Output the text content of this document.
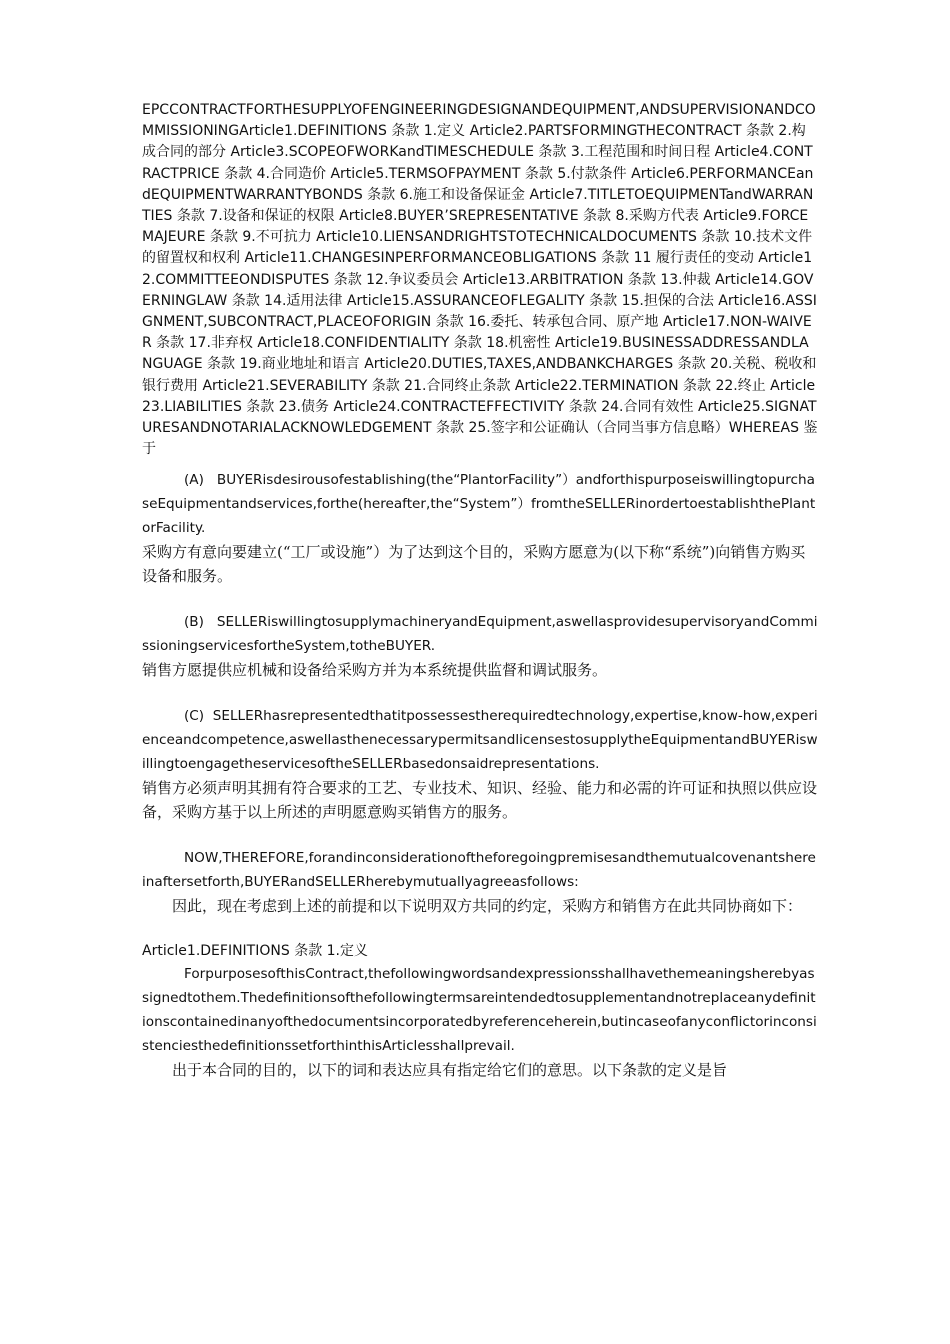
EPCCONTRACTFORTHESUPPLYOFENGINEERINGDESIGNANDEQUIPMENT,ANDSUPERVISIONANDCOMMISSIONINGArticle1.DEFINITIONS 条款 1.定义 Article2.PARTSFORMINGTHECONTRACT 条款 2.构成合同的部分 Article3.SCOPEOFWORKandTIMESCHEDULE 条款 3.工程范围和时间日程 Article4.CONTRACTPRICE 条款 4.合同造价 Article5.TERMSOFPAYMENT 条款 5.付款条件 Article6.PERFORMANCEandEQUIPMENTWARRANTYBONDS 条款 6.施工和设备保证金 Article7.TITLETOEQUIPMENTandWARRANTIES 条款 7.设备和保证的权限 Article8.BUYER’SREPRESENTATIVE 条款 8.采购方代表 Article9.FORCEMAJEURE 条款 9.不可抗力 Article10.LIENSANDRIGHTSTOTECHNICALDOCUMENTS 条款 10.技术文件的留置权和权利 Article11.CHANGESINPERFORMANCEOBLIGATIONS 条款 11 履行责任的变动 Article12.COMMITTEEONDISPUTES 条款 12.争议委员会 Article13.ARBITRATION 条款 13.仲裁 Article14.GOVERNINGLAW 条款 14.适用法律 Article15.ASSURANCEOFLEGALITY 条款 15.担保的合法 Article16.ASSIGNMENT,SUBCONTRACT,PLACEOFORIGIN 条款 16.委托、转承包合同、原产地 Article17.NON-WAIVER 条款 17.非弃权 Article18.CONFIDENTIALITY 条款 18.机密性 Article19.BUSINESSADDRESSANDLANGUAGE 条款 19.商业地址和语言 Article20.DUTIES,TAXES,ANDBANKCHARGES 条款 20.关税、税收和银行费用 Article21.SEVERABILITY 条款 21.合同终止条款 Article22.TERMINATION 条款 22.终止 Article23.LIABILITIES 条款 23.债务 Article24.CONTRACTEFFECTIVITY 条款 24.合同有效性 Article25.SIGNATURESANDNOTARIALACKNOWLEDGEMENT 条款 25.签字和公证确认（合同当事方信息略）WHEREAS 鉴于

(A)   BUYERisdesirousofestablishing(the“PlantorFacility”）andforthispurposeiswillingtopurchaseEquipmentandservices,forthe(hereafter,the“System”）fromtheSELLERinordertoestablishthePlantorFacility.

采购方有意向要建立(“工厂或设施”）为了达到这个目的，采购方愿意为(以下称“系统”)向销售方购买设备和服务。

(B)   SELLERiswillingtosupplymachineryandEquipment,aswellasprovidesupervisoryandCommissioningservicesfortheSystem,totheBUYER.

销售方愿提供应机械和设备给采购方并为本系统提供监督和调试服务。

(C)  SELLERhasrepresentedthatitpossessestherequiredtechnology,expertise,know-how,experienceandcompetence,aswellasthenecessarypermitsandlicensestosupplytheEquipmentandBUYERiswillingtoengagetheservicesoftheSELLERbasedonsaidrepresentations.

销售方必须声明其拥有符合要求的工艺、专业技术、知识、经验、能力和必需的许可证和执照以供应设备，采购方基于以上所述的声明愿意购买销售方的服务。

NOW,THEREFORE,forandinconsiderationoftheforegoingpremisesandthemutualcovenantshereinaftersetforth,BUYERandSELLERherebymutuallyagreeasfollows:

因此，现在考虑到上述的前提和以下说明双方共同的约定，采购方和销售方在此共同协商如下：

Article1.DEFINITIONS 条款 1.定义

ForpurposesofthisContract,thefollowingwordsandexpressionsshallhavethemeaningsherebyassignedtothem.Thedefinitionsofthefollowingtermsareintendedtosupplementandnotreplaceanydefinitionscontainedinanyofthedocumentsincorporatedbyreferenceherein,butincaseofanyconflictorinconsistenciesthedefinitionssetforthinthisArticlesshallprevail.

出于本合同的目的，以下的词和表达应具有指定给它们的意思。以下条款的定义是旨
